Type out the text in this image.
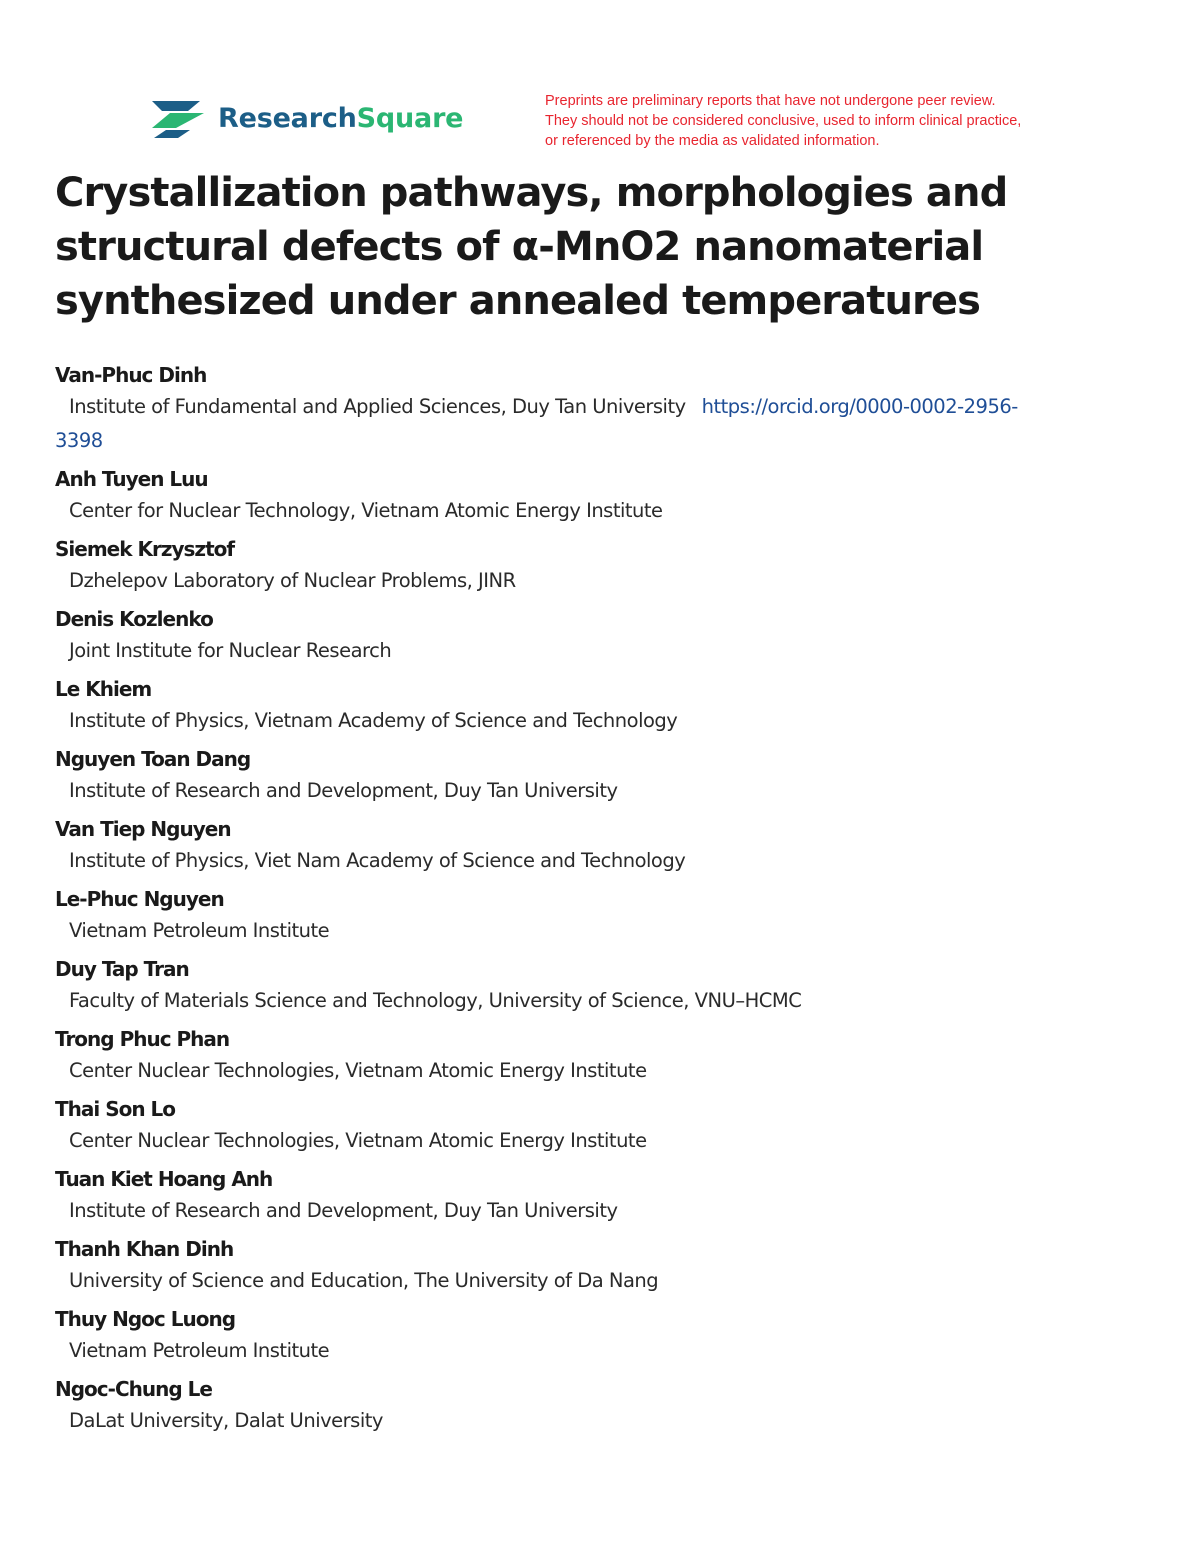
ResearchSquare
Preprints are preliminary reports that have not undergone peer review.
They should not be considered conclusive, used to inform clinical practice,
or referenced by the media as validated information.
Crystallization pathways, morphologies and structural defects of α-MnO2 nanomaterial synthesized under annealed temperatures
Van-Phuc Dinh
Institute of Fundamental and Applied Sciences, Duy Tan University https://orcid.org/0000-0002-2956-
3398
Anh Tuyen Luu
Center for Nuclear Technology, Vietnam Atomic Energy Institute
Siemek Krzysztof
Dzhelepov Laboratory of Nuclear Problems, JINR
Denis Kozlenko
Joint Institute for Nuclear Research
Le Khiem
Institute of Physics, Vietnam Academy of Science and Technology
Nguyen Toan Dang
Institute of Research and Development, Duy Tan University
Van Tiep Nguyen
Institute of Physics, Viet Nam Academy of Science and Technology
Le-Phuc Nguyen
Vietnam Petroleum Institute
Duy Tap Tran
Faculty of Materials Science and Technology, University of Science, VNU–HCMC
Trong Phuc Phan
Center Nuclear Technologies, Vietnam Atomic Energy Institute
Thai Son Lo
Center Nuclear Technologies, Vietnam Atomic Energy Institute
Tuan Kiet Hoang Anh
Institute of Research and Development, Duy Tan University
Thanh Khan Dinh
University of Science and Education, The University of Da Nang
Thuy Ngoc Luong
Vietnam Petroleum Institute
Ngoc-Chung Le
DaLat University, Dalat University
